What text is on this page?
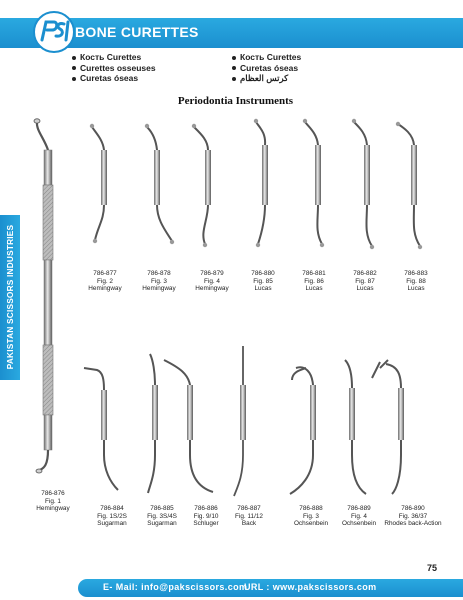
BONE CURETTES
Кость Curettes
Curettes osseuses
Curetas óseas
Кость Curettes
Curetas óseas
كرتس العظام
Periodontia Instruments
PAKISTAN SCISSORS INDUSTRIES
786-876
Fig. 1
Hemingway
786-877
Fig. 2
Hemingway
786-878
Fig. 3
Hemingway
786-879
Fig. 4
Hemingway
786-880
Fig. 85
Lucas
786-881
Fig. 86
Lucas
786-882
Fig. 87
Lucas
786-883
Fig. 88
Lucas
786-884
Fig. 1S/2S
Sugarman
786-885
Fig. 3S/4S
Sugarman
786-886
Fig. 9/10
Schluger
786-887
Fig. 11/12
Back
786-888
Fig. 3
Ochsenbein
786-889
Fig. 4
Ochsenbein
786-890
Fig. 36/37
Rhodes back-Action
75
E- Mail: info@pakscissors.com
URL : www.pakscissors.com
